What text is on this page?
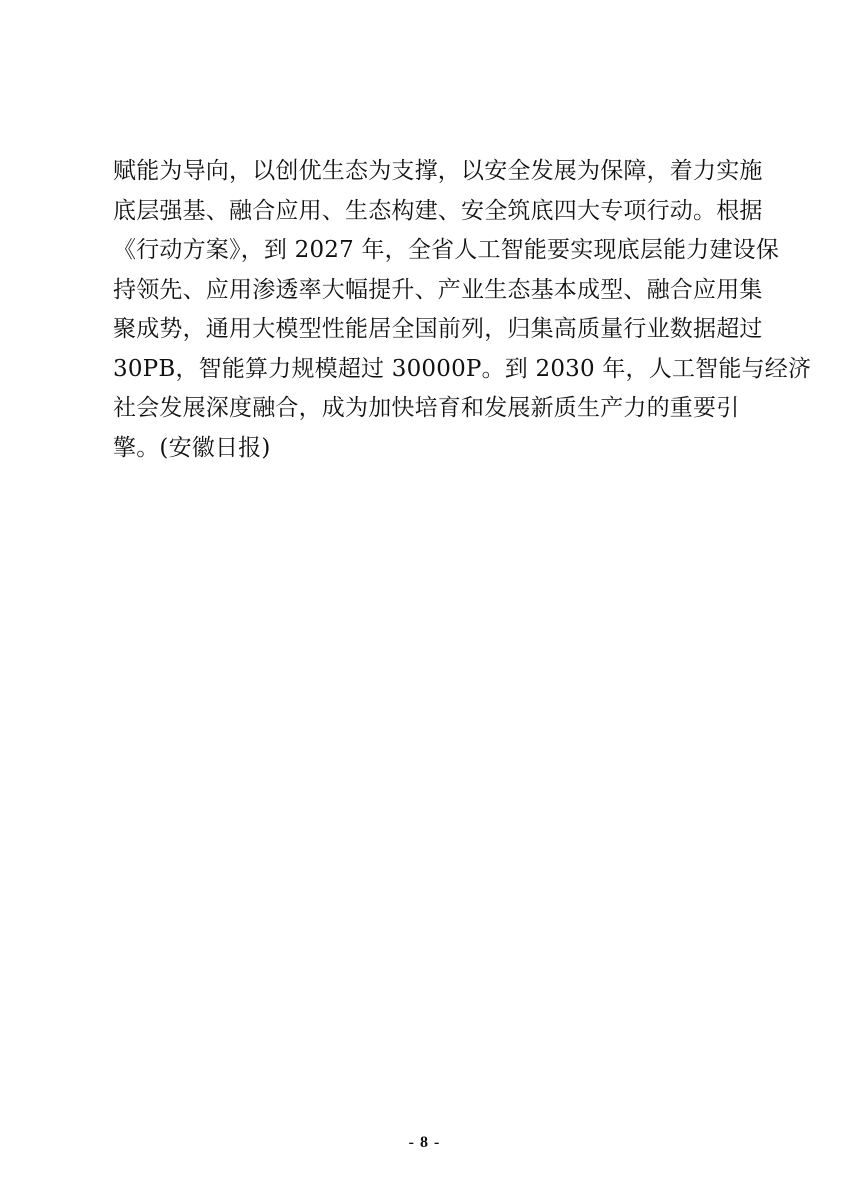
赋能为导向，以创优生态为支撑，以安全发展为保障，着力实施
底层强基、融合应用、生态构建、安全筑底四大专项行动。根据
《行动方案》，到 2027 年，全省人工智能要实现底层能力建设保
持领先、应用渗透率大幅提升、产业生态基本成型、融合应用集
聚成势，通用大模型性能居全国前列，归集高质量行业数据超过
30PB，智能算力规模超过 30000P。到 2030 年，人工智能与经济
社会发展深度融合，成为加快培育和发展新质生产力的重要引
擎。(安徽日报)
- 8 -
